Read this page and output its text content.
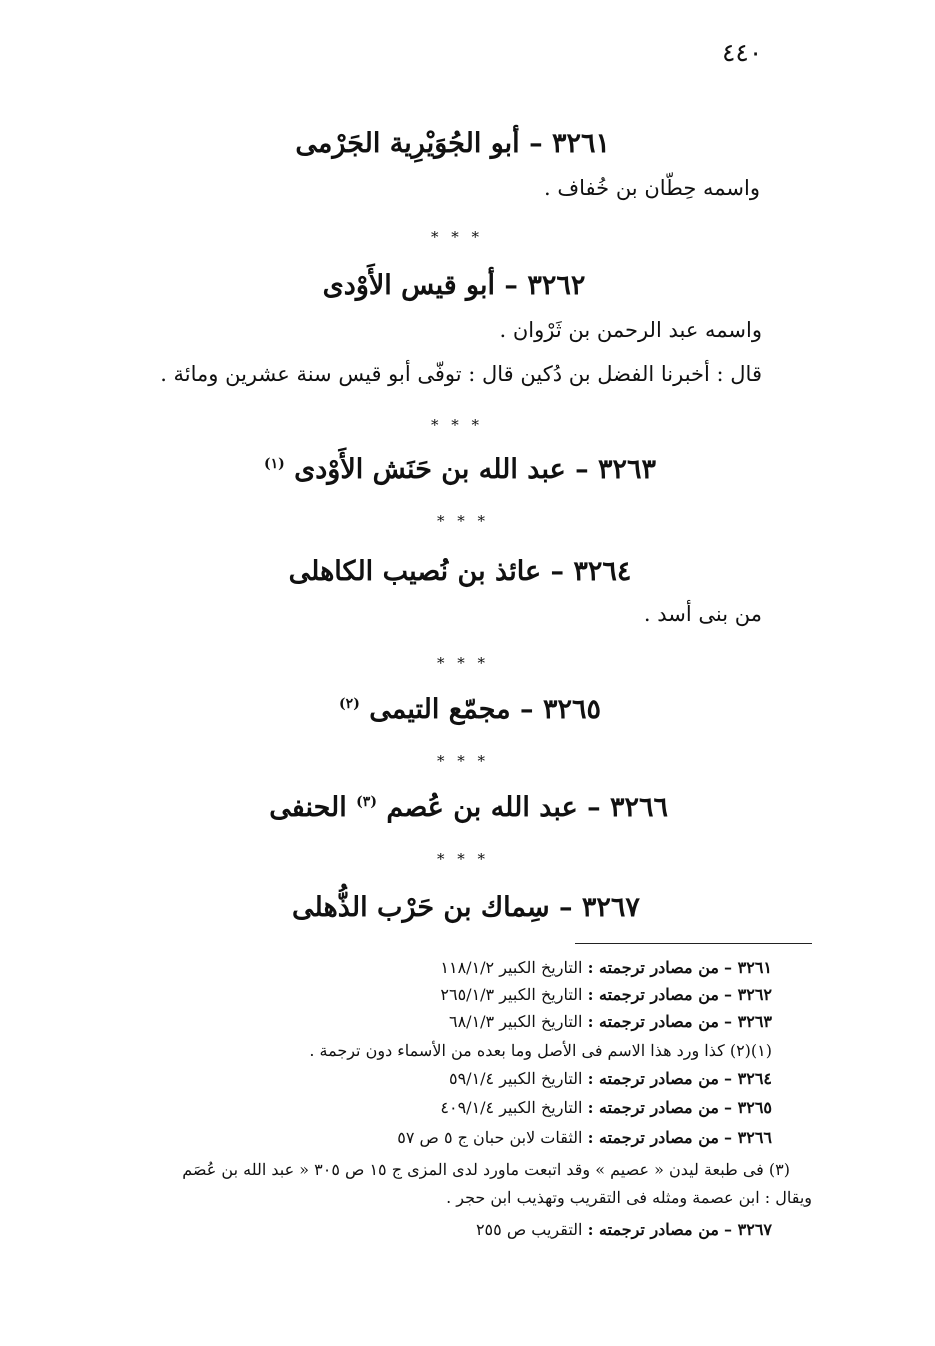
٤٤٠
٣٢٦١ – أبو الجُوَيْرِية الجَرْمى
واسمه حِطّان بن خُفاف .
* * *
٣٢٦٢ – أبو قيس الأَوْدى
واسمه عبد الرحمن بن ثَرْوان .
قال : أخبرنا الفضل بن دُكين قال : توفّى أبو قيس سنة عشرين ومائة .
* * *
٣٢٦٣ – عبد الله بن حَنَش الأَوْدى $^{(١)}$
* * *
٣٢٦٤ – عائذ بن نُصيب الكاهلى
من بنى أسد .
* * *
٣٢٦٥ – مجمّع التيمى $^{(٢)}$
* * *
٣٢٦٦ – عبد الله بن عُصم $^{(٣)}$ الحنفى
* * *
٣٢٦٧ – سِماك بن حَرْب الذُّهلى
٣٢٦١ – من مصادر ترجمته : التاريخ الكبير ١١٨/١/٢
٣٢٦٢ – من مصادر ترجمته : التاريخ الكبير ٢٦٥/١/٣
٣٢٦٣ – من مصادر ترجمته : التاريخ الكبير ٦٨/١/٣
(١)(٢) كذا ورد هذا الاسم فى الأصل وما بعده من الأسماء دون ترجمة .
٣٢٦٤ – من مصادر ترجمته : التاريخ الكبير ٥٩/١/٤
٣٢٦٥ – من مصادر ترجمته : التاريخ الكبير ٤٠٩/١/٤
٣٢٦٦ – من مصادر ترجمته : الثقات لابن حبان ج ٥ ص ٥٧
(٣) فى طبعة ليدن « عصيم » وقد اتبعت ماورد لدى المزى ج ١٥ ص ٣٠٥ « عبد الله بن عُصَم
ويقال : ابن عصمة ومثله فى التقريب وتهذيب ابن حجر .
٣٢٦٧ – من مصادر ترجمته : التقريب ص ٢٥٥
